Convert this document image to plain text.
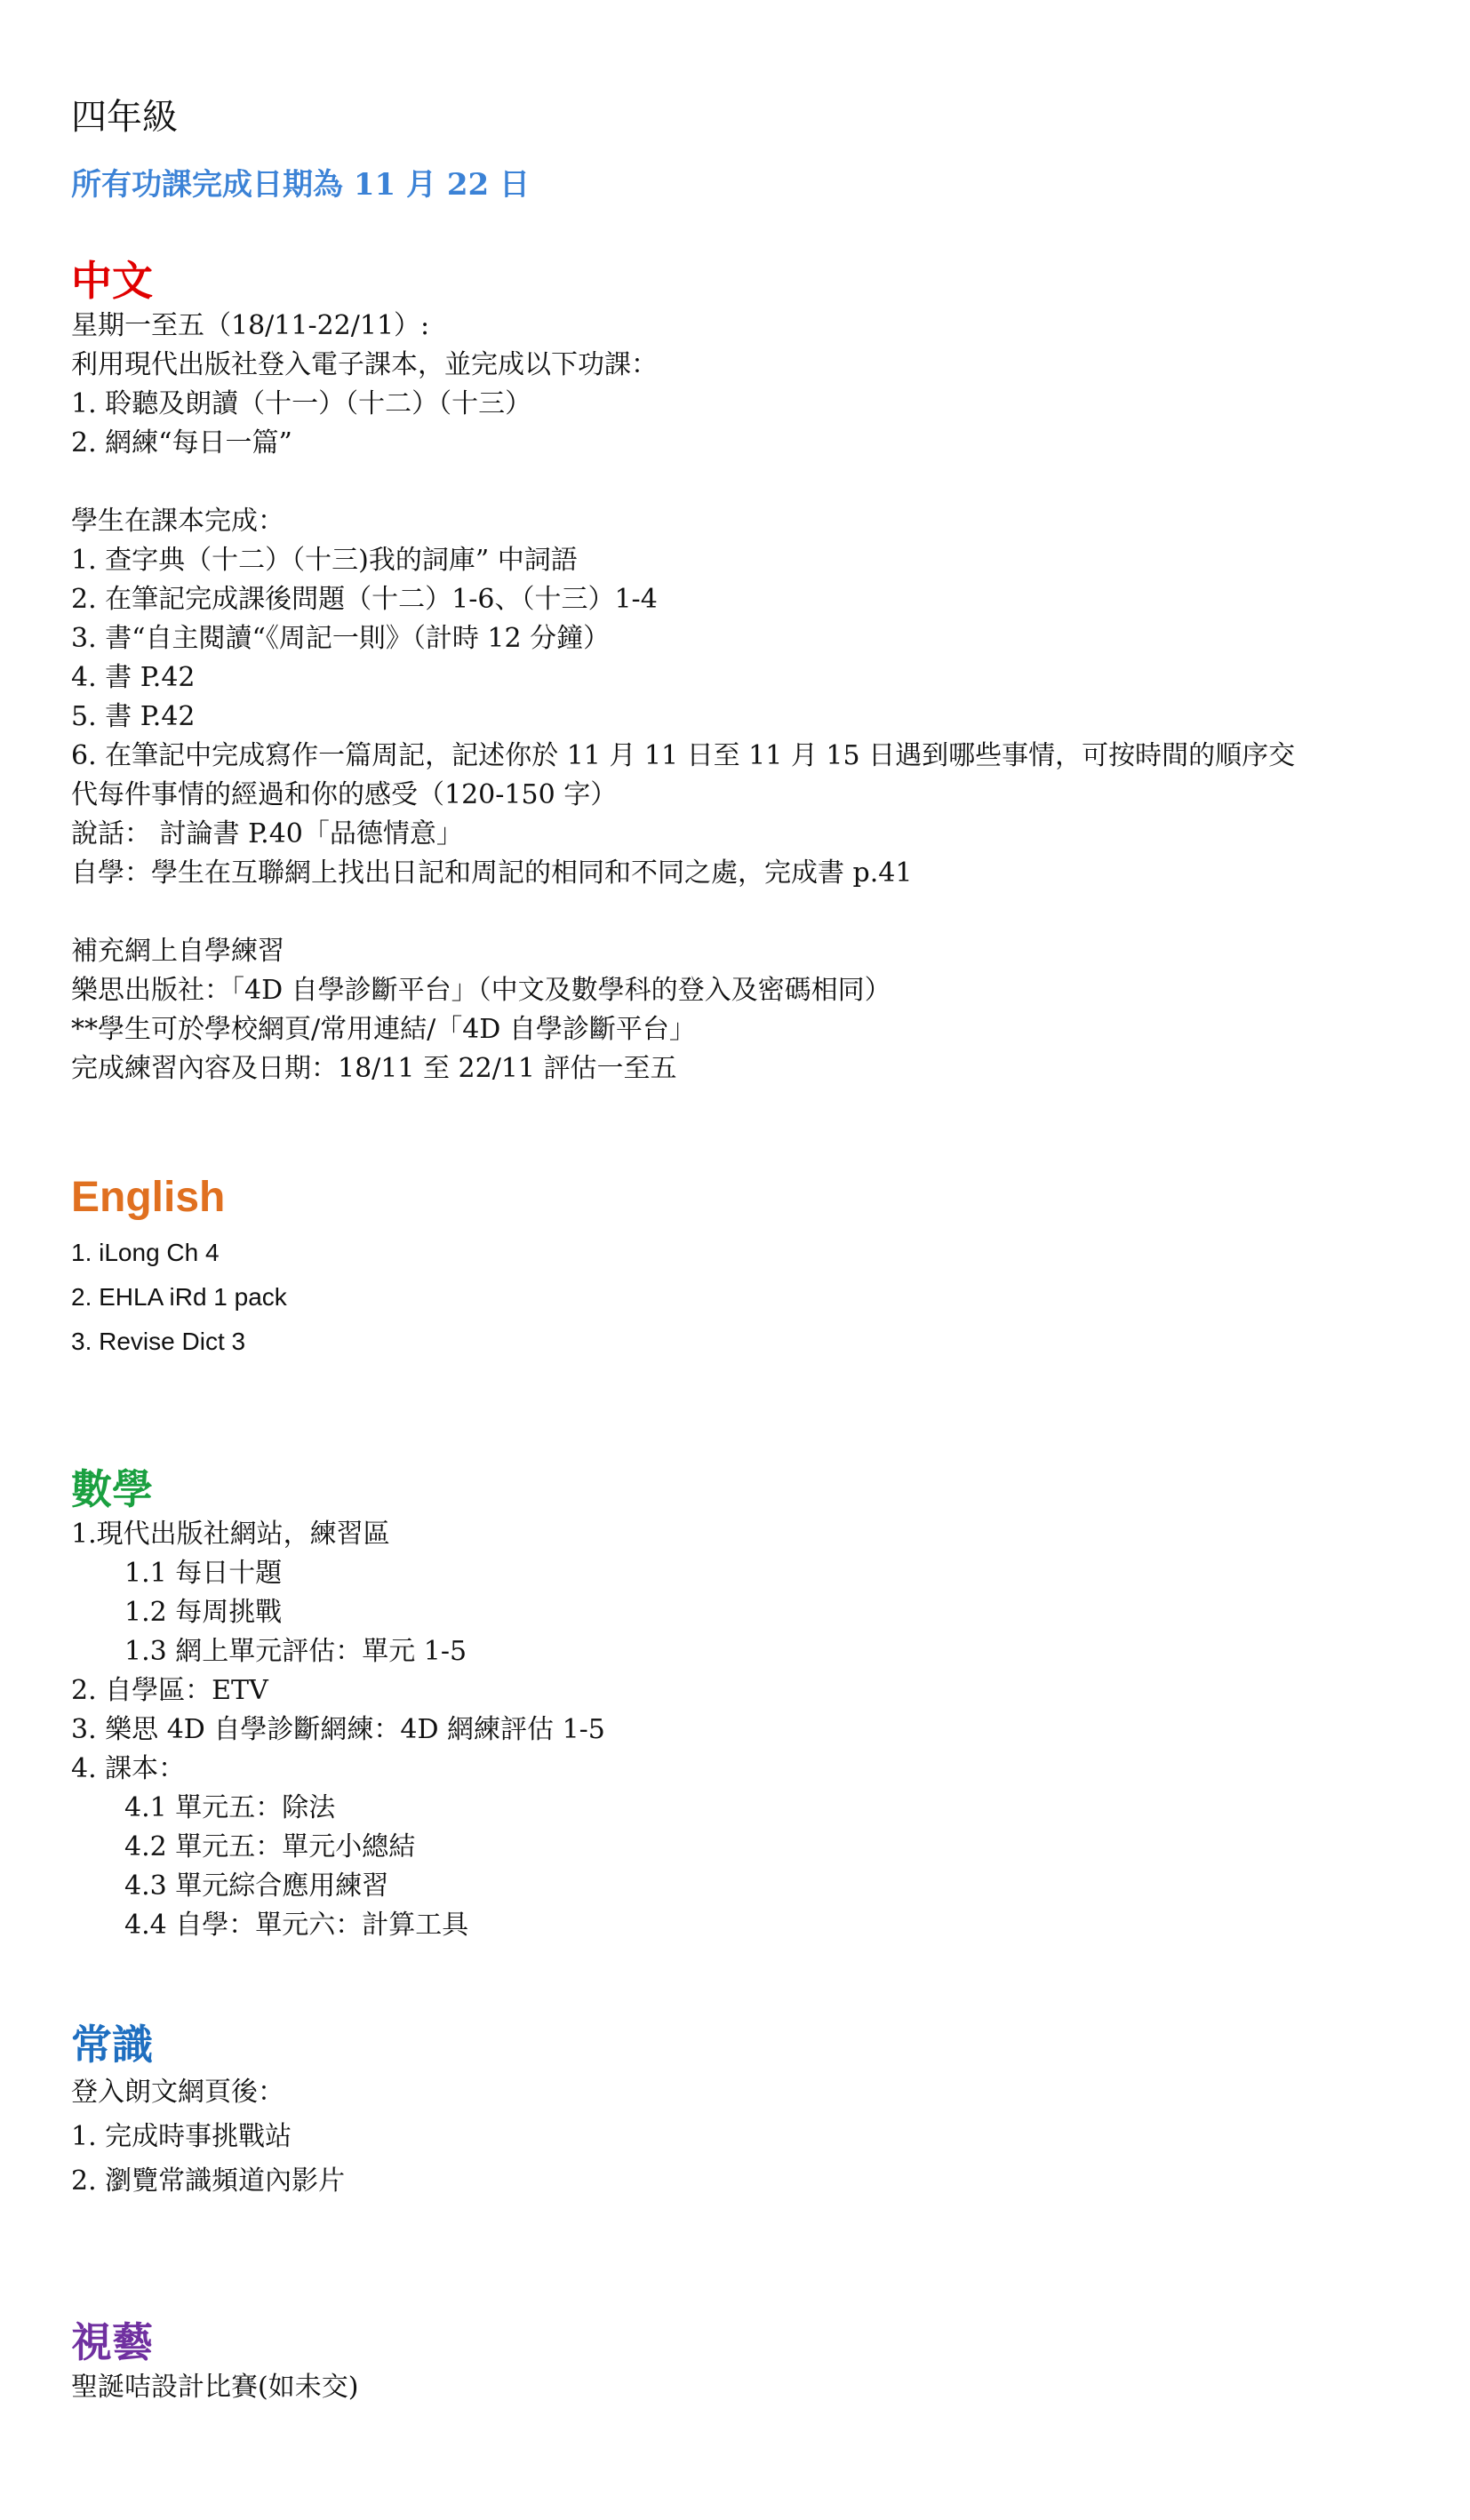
四年級
所有功課完成日期為 11 月 22 日
中文
星期一至五（18/11-22/11）:
利用現代出版社登入電子課本，並完成以下功課：
1. 聆聽及朗讀（十一）（十二）（十三）
2. 網練“每日一篇”
學生在課本完成：
1. 查字典（十二）（十三)我的詞庫” 中詞語
2. 在筆記完成課後問題（十二）1-6、（十三）1-4
3. 書“自主閱讀“《周記一則》（計時 12 分鐘）
4. 書 P.42
5. 書 P.42
6. 在筆記中完成寫作一篇周記，記述你於 11 月 11 日至 11 月 15 日遇到哪些事情，可按時間的順序交
代每件事情的經過和你的感受（120-150 字）
說話： 討論書 P.40「品德情意」
自學：學生在互聯網上找出日記和周記的相同和不同之處，完成書 p.41
補充網上自學練習
樂思出版社：「4D 自學診斷平台」（中文及數學科的登入及密碼相同）
**學生可於學校網頁/常用連結/「4D 自學診斷平台」
完成練習內容及日期：18/11 至 22/11 評估一至五
English
1. iLong Ch 4
2. EHLA iRd 1 pack
3. Revise Dict 3
數學
1.現代出版社網站，練習區
1.1 每日十題
1.2 每周挑戰
1.3 網上單元評估：單元 1-5
2. 自學區：ETV
3. 樂思 4D 自學診斷網練：4D 網練評估 1-5
4. 課本：
4.1 單元五：除法
4.2 單元五：單元小總結
4.3 單元綜合應用練習
4.4 自學：單元六：計算工具
常識
登入朗文網頁後：
1. 完成時事挑戰站
2. 瀏覽常識頻道內影片
視藝
聖誕咭設計比賽(如未交)
